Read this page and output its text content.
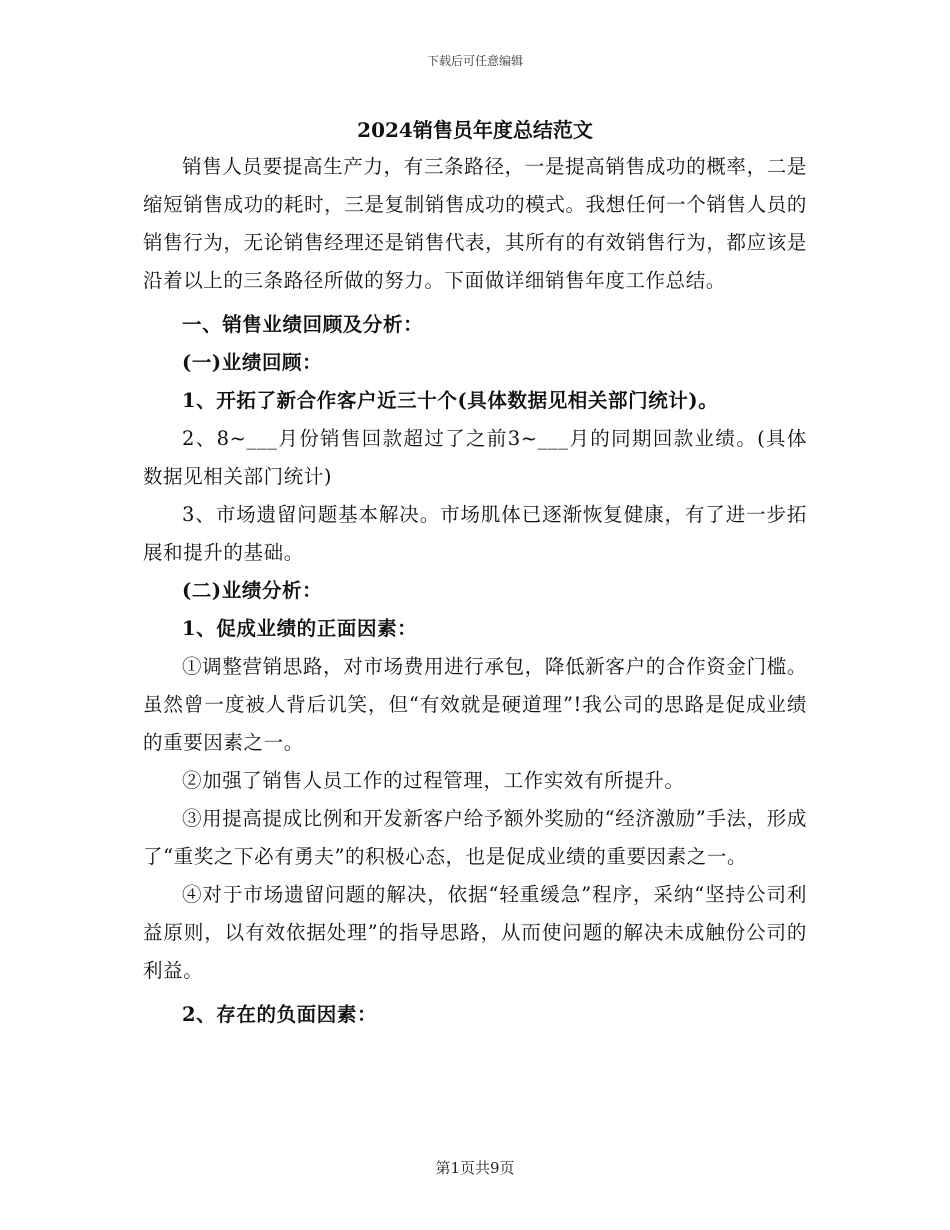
下载后可任意编辑
2024销售员年度总结范文

销售人员要提高生产力，有三条路径，一是提高销售成功的概率，二是缩短销售成功的耗时，三是复制销售成功的模式。我想任何一个销售人员的销售行为，无论销售经理还是销售代表，其所有的有效销售行为，都应该是沿着以上的三条路径所做的努力。下面做详细销售年度工作总结。

一、销售业绩回顾及分析：

(一)业绩回顾：

1、开拓了新合作客户近三十个(具体数据见相关部门统计)。

2、8~___月份销售回款超过了之前3~___月的同期回款业绩。(具体数据见相关部门统计)

3、市场遗留问题基本解决。市场肌体已逐渐恢复健康，有了进一步拓展和提升的基础。

(二)业绩分析：

1、促成业绩的正面因素：

①调整营销思路，对市场费用进行承包，降低新客户的合作资金门槛。虽然曾一度被人背后讥笑，但“有效就是硬道理”!我公司的思路是促成业绩的重要因素之一。

②加强了销售人员工作的过程管理，工作实效有所提升。

③用提高提成比例和开发新客户给予额外奖励的“经济激励”手法，形成了“重奖之下必有勇夫”的积极心态，也是促成业绩的重要因素之一。

④对于市场遗留问题的解决，依据“轻重缓急”程序，采纳“坚持公司利益原则，以有效依据处理”的指导思路，从而使问题的解决未成触份公司的利益。

2、存在的负面因素：

第1页共9页
